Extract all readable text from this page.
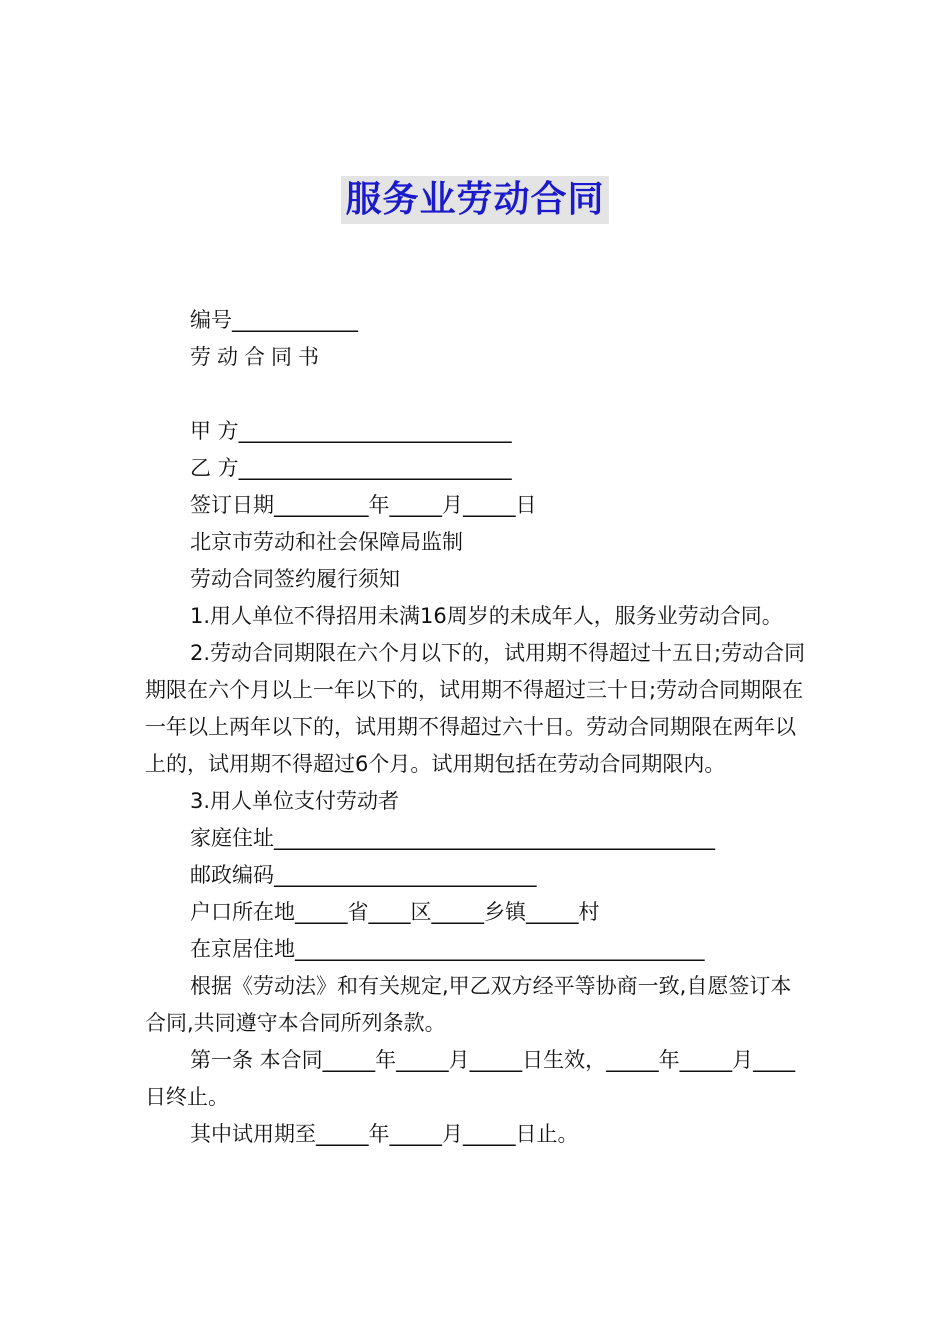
服务业劳动合同

编号____________

劳动合同书

甲 方__________________________

乙 方__________________________

签订日期_________年_____月_____日

北京市劳动和社会保障局监制

劳动合同签约履行须知

1.用人单位不得招用未满16周岁的未成年人，服务业劳动合同。

2.劳动合同期限在六个月以下的，试用期不得超过十五日;劳动合同期限在六个月以上一年以下的，试用期不得超过三十日;劳动合同期限在一年以上两年以下的，试用期不得超过六十日。劳动合同期限在两年以上的，试用期不得超过6个月。试用期包括在劳动合同期限内。

3.用人单位支付劳动者

家庭住址__________________________________________

邮政编码_________________________

户口所在地_____省____区_____乡镇_____村

在京居住地_______________________________________

根据《劳动法》和有关规定,甲乙双方经平等协商一致,自愿签订本合同,共同遵守本合同所列条款。

第一条 本合同_____年_____月_____日生效，_____年_____月____日终止。

其中试用期至_____年_____月_____日止。
